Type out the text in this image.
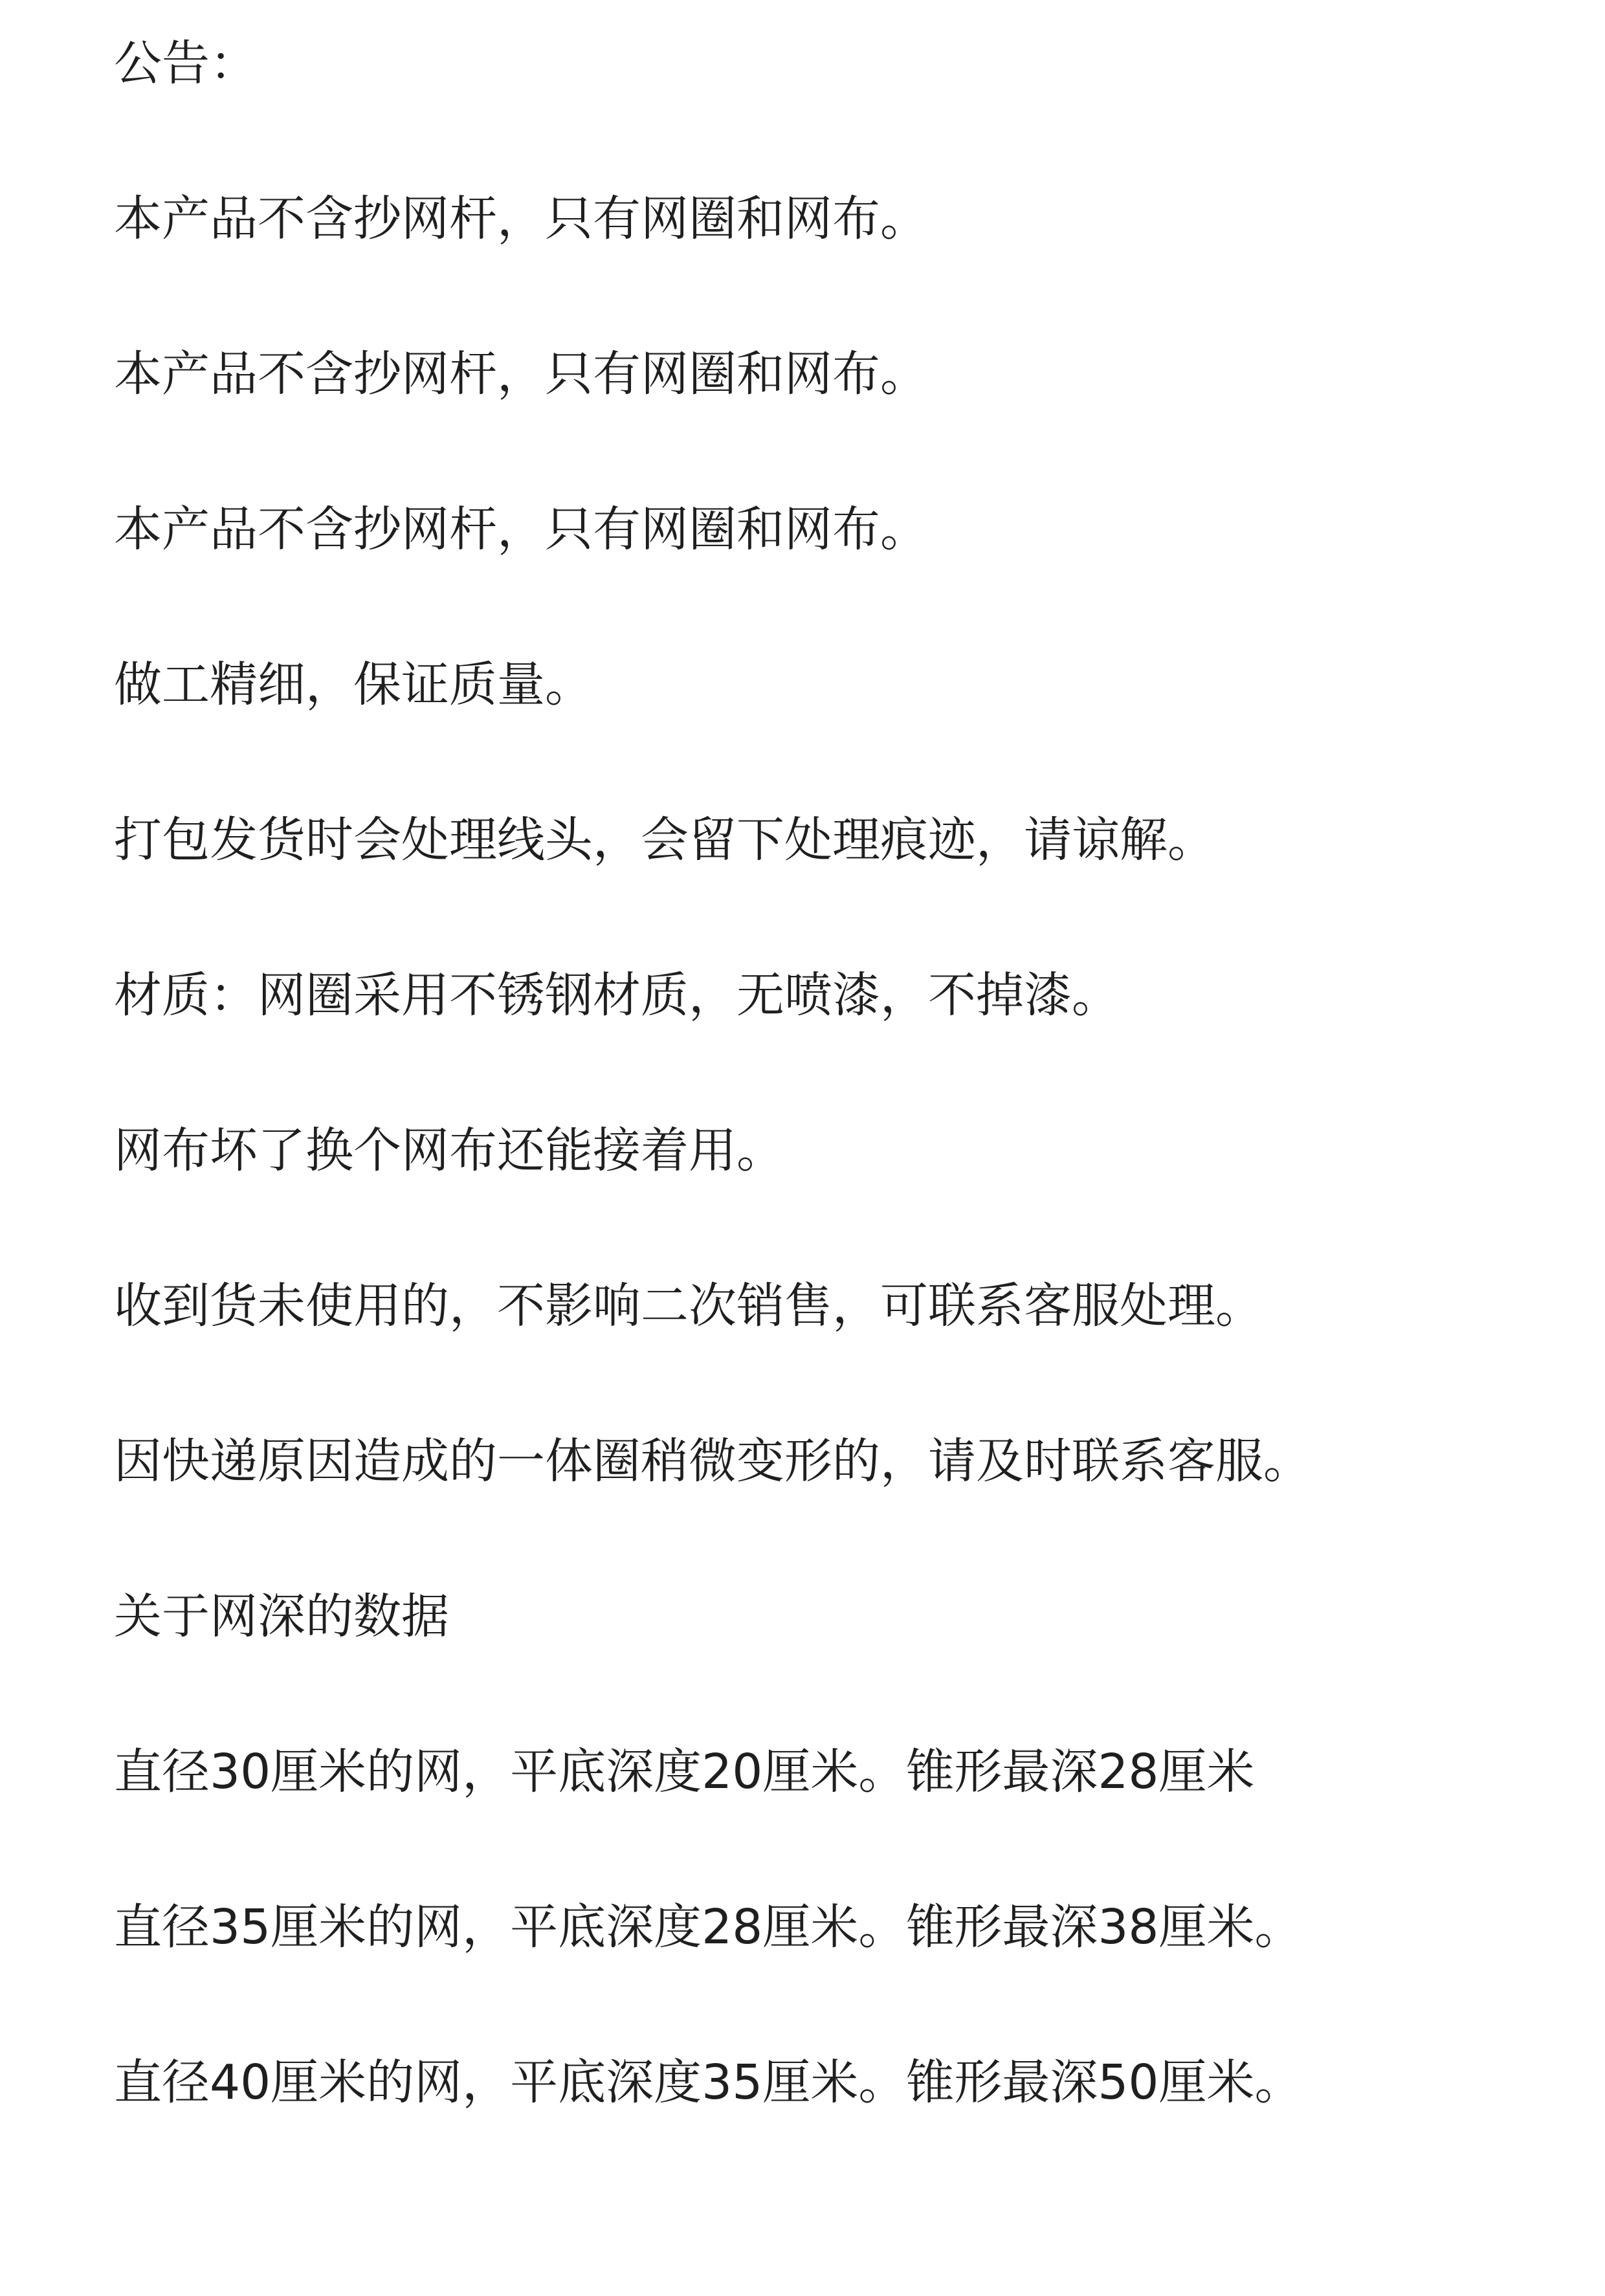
公告：
本产品不含抄网杆，只有网圈和网布。
本产品不含抄网杆，只有网圈和网布。
本产品不含抄网杆，只有网圈和网布。
做工精细，保证质量。
打包发货时会处理线头，会留下处理痕迹，请谅解。
材质：网圈采用不锈钢材质，无喷漆，不掉漆。
网布坏了换个网布还能接着用。
收到货未使用的，不影响二次销售，可联系客服处理。
因快递原因造成的一体圈稍微变形的，请及时联系客服。
关于网深的数据
直径30厘米的网，平底深度20厘米。锥形最深28厘米
直径35厘米的网，平底深度28厘米。锥形最深38厘米。
直径40厘米的网，平底深度35厘米。锥形最深50厘米。
